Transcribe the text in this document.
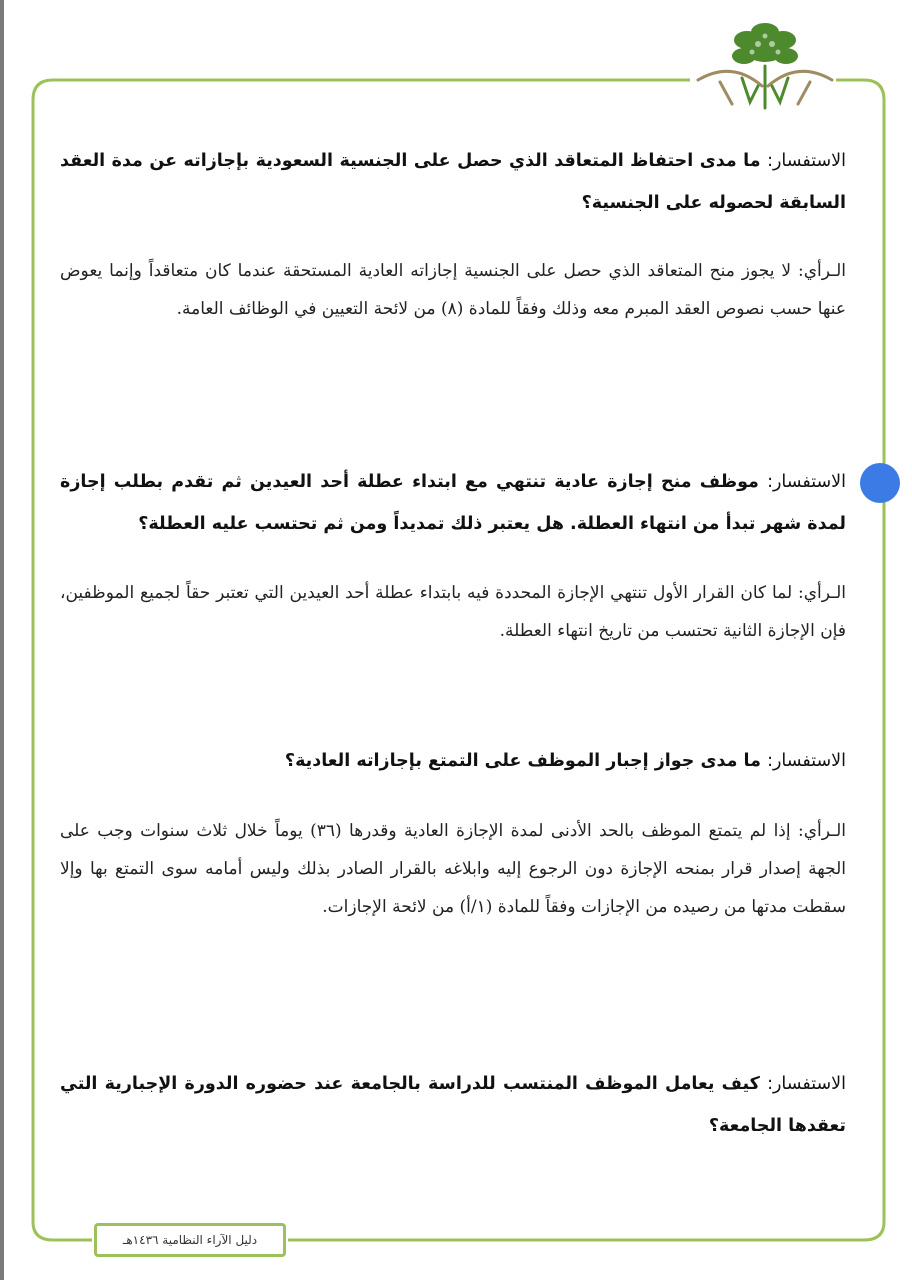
الاستفسار: ما مدى احتفاظ المتعاقد الذي حصل على الجنسية السعودية بإجازاته عن مدة العقد السابقة لحصوله على الجنسية؟
الـرأي: لا يجوز منح المتعاقد الذي حصل على الجنسية إجازاته العادية المستحقة عندما كان متعاقداً وإنما يعوض عنها حسب نصوص العقد المبرم معه وذلك وفقاً للمادة (٨) من لائحة التعيين في الوظائف العامة.
الاستفسار: موظف منح إجازة عادية تنتهي مع ابتداء عطلة أحد العيدين ثم تقدم بطلب إجازة لمدة شهر تبدأ من انتهاء العطلة. هل يعتبر ذلك تمديداً ومن ثم تحتسب عليه العطلة؟
الـرأي: لما كان القرار الأول تنتهي الإجازة المحددة فيه بابتداء عطلة أحد العيدين التي تعتبر حقاً لجميع الموظفين، فإن الإجازة الثانية تحتسب من تاريخ انتهاء العطلة.
الاستفسار: ما مدى جواز إجبار الموظف على التمتع بإجازاته العادية؟
الـرأي: إذا لم يتمتع الموظف بالحد الأدنى لمدة الإجازة العادية وقدرها (٣٦) يوماً خلال ثلاث سنوات وجب على الجهة إصدار قرار بمنحه الإجازة دون الرجوع إليه وابلاغه بالقرار الصادر بذلك وليس أمامه سوى التمتع بها وإلا سقطت مدتها من رصيده من الإجازات وفقاً للمادة (١/أ) من لائحة الإجازات.
الاستفسار: كيف يعامل الموظف المنتسب للدراسة بالجامعة عند حضوره الدورة الإجبارية التي تعقدها الجامعة؟
دليل الآراء النظامية ١٤٣٦هـ
